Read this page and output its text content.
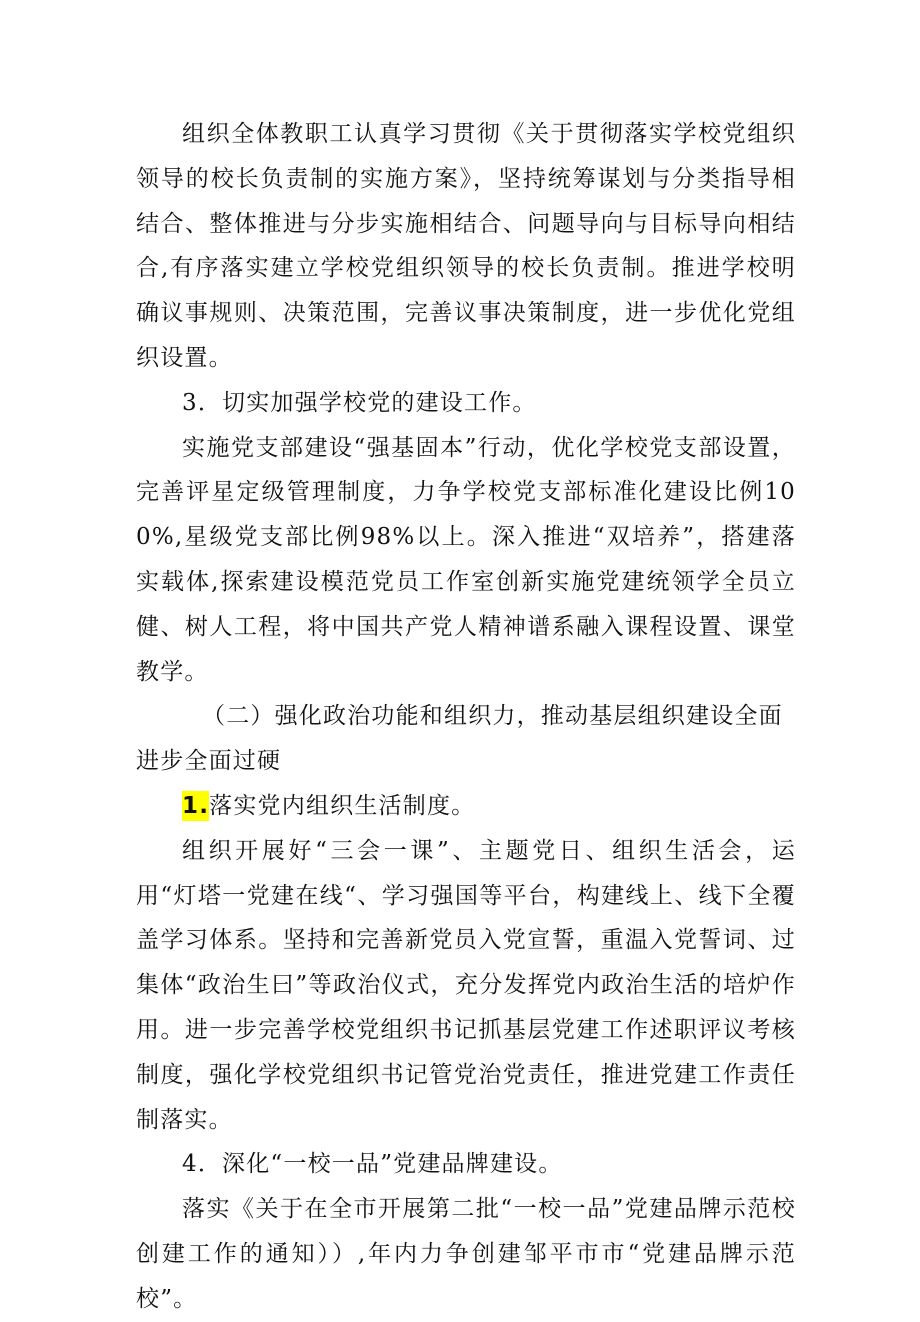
组织全体教职工认真学习贯彻《关于贯彻落实学校党组织领导的校长负责制的实施方案》，坚持统筹谋划与分类指导相结合、整体推进与分步实施相结合、问题导向与目标导向相结合,有序落实建立学校党组织领导的校长负责制。推进学校明确议事规则、决策范围，完善议事决策制度，进一步优化党组织设置。

3．切实加强学校党的建设工作。

实施党支部建设“强基固本”行动，优化学校党支部设置，完善评星定级管理制度，力争学校党支部标准化建设比例100%,星级党支部比例98%以上。深入推进“双培养”，搭建落实载体,探索建设模范党员工作室创新实施党建统领学全员立健、树人工程，将中国共产党人精神谱系融入课程设置、课堂教学。

（二）强化政治功能和组织力，推动基层组织建设全面进步全面过硬

1.落实党内组织生活制度。

组织开展好“三会一课”、主题党日、组织生活会，运用“灯塔一党建在线“、学习强国等平台，构建线上、线下全覆盖学习体系。坚持和完善新党员入党宣誓，重温入党誓词、过集体“政治生曰”等政治仪式，充分发挥党内政治生活的培炉作用。进一步完善学校党组织书记抓基层党建工作述职评议考核制度，强化学校党组织书记管党治党责任，推进党建工作责任制落实。

4．深化“一校一品”党建品牌建设。

落实《关于在全市开展第二批“一校一品”党建品牌示范校创建工作的通知））,年内力争创建邹平市市“党建品牌示范校”。
